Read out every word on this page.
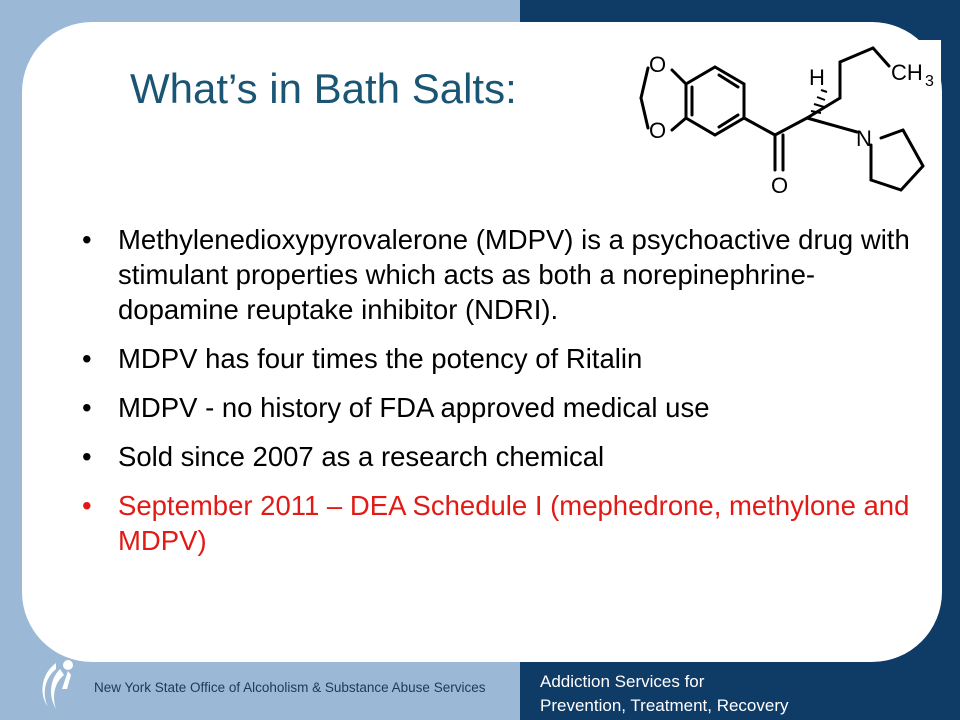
What’s in Bath Salts:
O
O
O
N
H	CH 3
• Methylenedioxypyrovalerone (MDPV) is a psychoactive drug with stimulant properties which acts as both a norepinephrine-dopamine reuptake inhibitor (NDRI).
• MDPV has four times the potency of Ritalin
• MDPV - no history of FDA approved medical use
• Sold since 2007 as a research chemical
• September 2011 – DEA Schedule I (mephedrone, methylone and MDPV)
New York State Office of Alcoholism & Substance Abuse Services	Addiction Services for
Prevention, Treatment, Recovery
